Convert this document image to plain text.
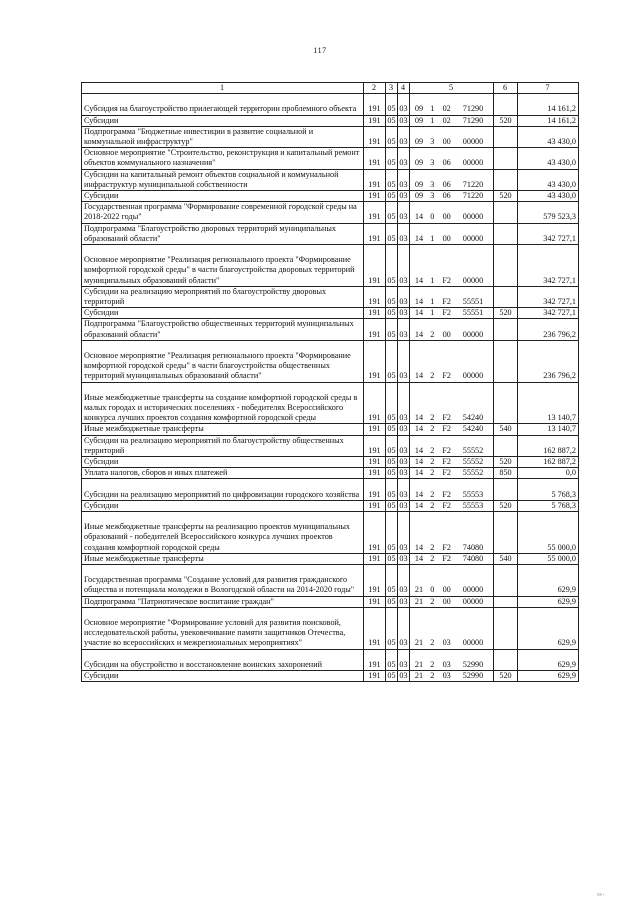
117
1	2	3	4	5	6	7
Субсидия на благоустройство прилегающей территории проблемного объекта	191	05	03	09 1 02 71290		14 161,2
Субсидии	191	05	03	09 1 02 71290	520	14 161,2
Подпрограмма "Бюджетные инвестиции в развитие социальной и коммунальной инфраструктур"	191	05	03	09 3 00 00000		43 430,0
Основное мероприятие "Строительство, реконструкция и капитальный ремонт объектов коммунального назначения"	191	05	03	09 3 06 00000		43 430,0
Субсидии на капитальный ремонт объектов социальной и коммунальной инфраструктур муниципальной собственности	191	05	03	09 3 06 71220		43 430,0
Субсидии	191	05	03	09 3 06 71220	520	43 430,0
Государственная программа "Формирование современной городской среды на 2018-2022 годы"	191	05	03	14 0 00 00000		579 523,3
Подпрограмма "Благоустройство дворовых территорий муниципальных образований области"	191	05	03	14 1 00 00000		342 727,1
Основное мероприятие "Реализация регионального проекта "Формирование комфортной городской среды" в части благоустройства дворовых территорий муниципальных образований области"	191	05	03	14 1 F2 00000		342 727,1
Субсидии на реализацию мероприятий по благоустройству дворовых территорий	191	05	03	14 1 F2 55551		342 727,1
Субсидии	191	05	03	14 1 F2 55551	520	342 727,1
Подпрограмма "Благоустройство общественных территорий муниципальных образований области"	191	05	03	14 2 00 00000		236 796,2
Основное мероприятие "Реализация регионального проекта "Формирование комфортной городской среды" в части благоустройства общественных территорий муниципальных образований области"	191	05	03	14 2 F2 00000		236 796,2
Иные межбюджетные трансферты на создание комфортной городской среды в малых городах и исторических поселениях - победителях Всероссийского конкурса лучших проектов создания комфортной городской среды	191	05	03	14 2 F2 54240		13 140,7
Иные межбюджетные трансферты	191	05	03	14 2 F2 54240	540	13 140,7
Субсидии на реализацию мероприятий по благоустройству общественных территорий	191	05	03	14 2 F2 55552		162 887,2
Субсидии	191	05	03	14 2 F2 55552	520	162 887,2
Уплата налогов, сборов и иных платежей	191	05	03	14 2 F2 55552	850	0,0
Субсидии на реализацию мероприятий по цифровизации городского хозяйства	191	05	03	14 2 F2 55553		5 768,3
Субсидии	191	05	03	14 2 F2 55553	520	5 768,3
Иные межбюджетные трансферты на реализацию проектов муниципальных образований - победителей Всероссийского конкурса лучших проектов создания комфортной городской среды	191	05	03	14 2 F2 74080		55 000,0
Иные межбюджетные трансферты	191	05	03	14 2 F2 74080	540	55 000,0
Государственная программа "Создание условий для развития гражданского общества и потенциала молодежи в Вологодской области на 2014-2020 годы"	191	05	03	21 0 00 00000		629,9
Подпрограмма "Патриотическое воспитание граждан"	191	05	03	21 2 00 00000		629,9
Основное мероприятие "Формирование условий для развития поисковой, исследовательской работы, увековечивание памяти защитников Отечества, участие во всероссийских и межрегиональных мероприятиях"	191	05	03	21 2 03 00000		629,9
Субсидии на обустройство и восстановление воинских захоронений	191	05	03	21 2 03 52990		629,9
Субсидии	191	05	03	21 2 03 52990	520	629,9
ᴵᴵᴵᴮ ᴵ
